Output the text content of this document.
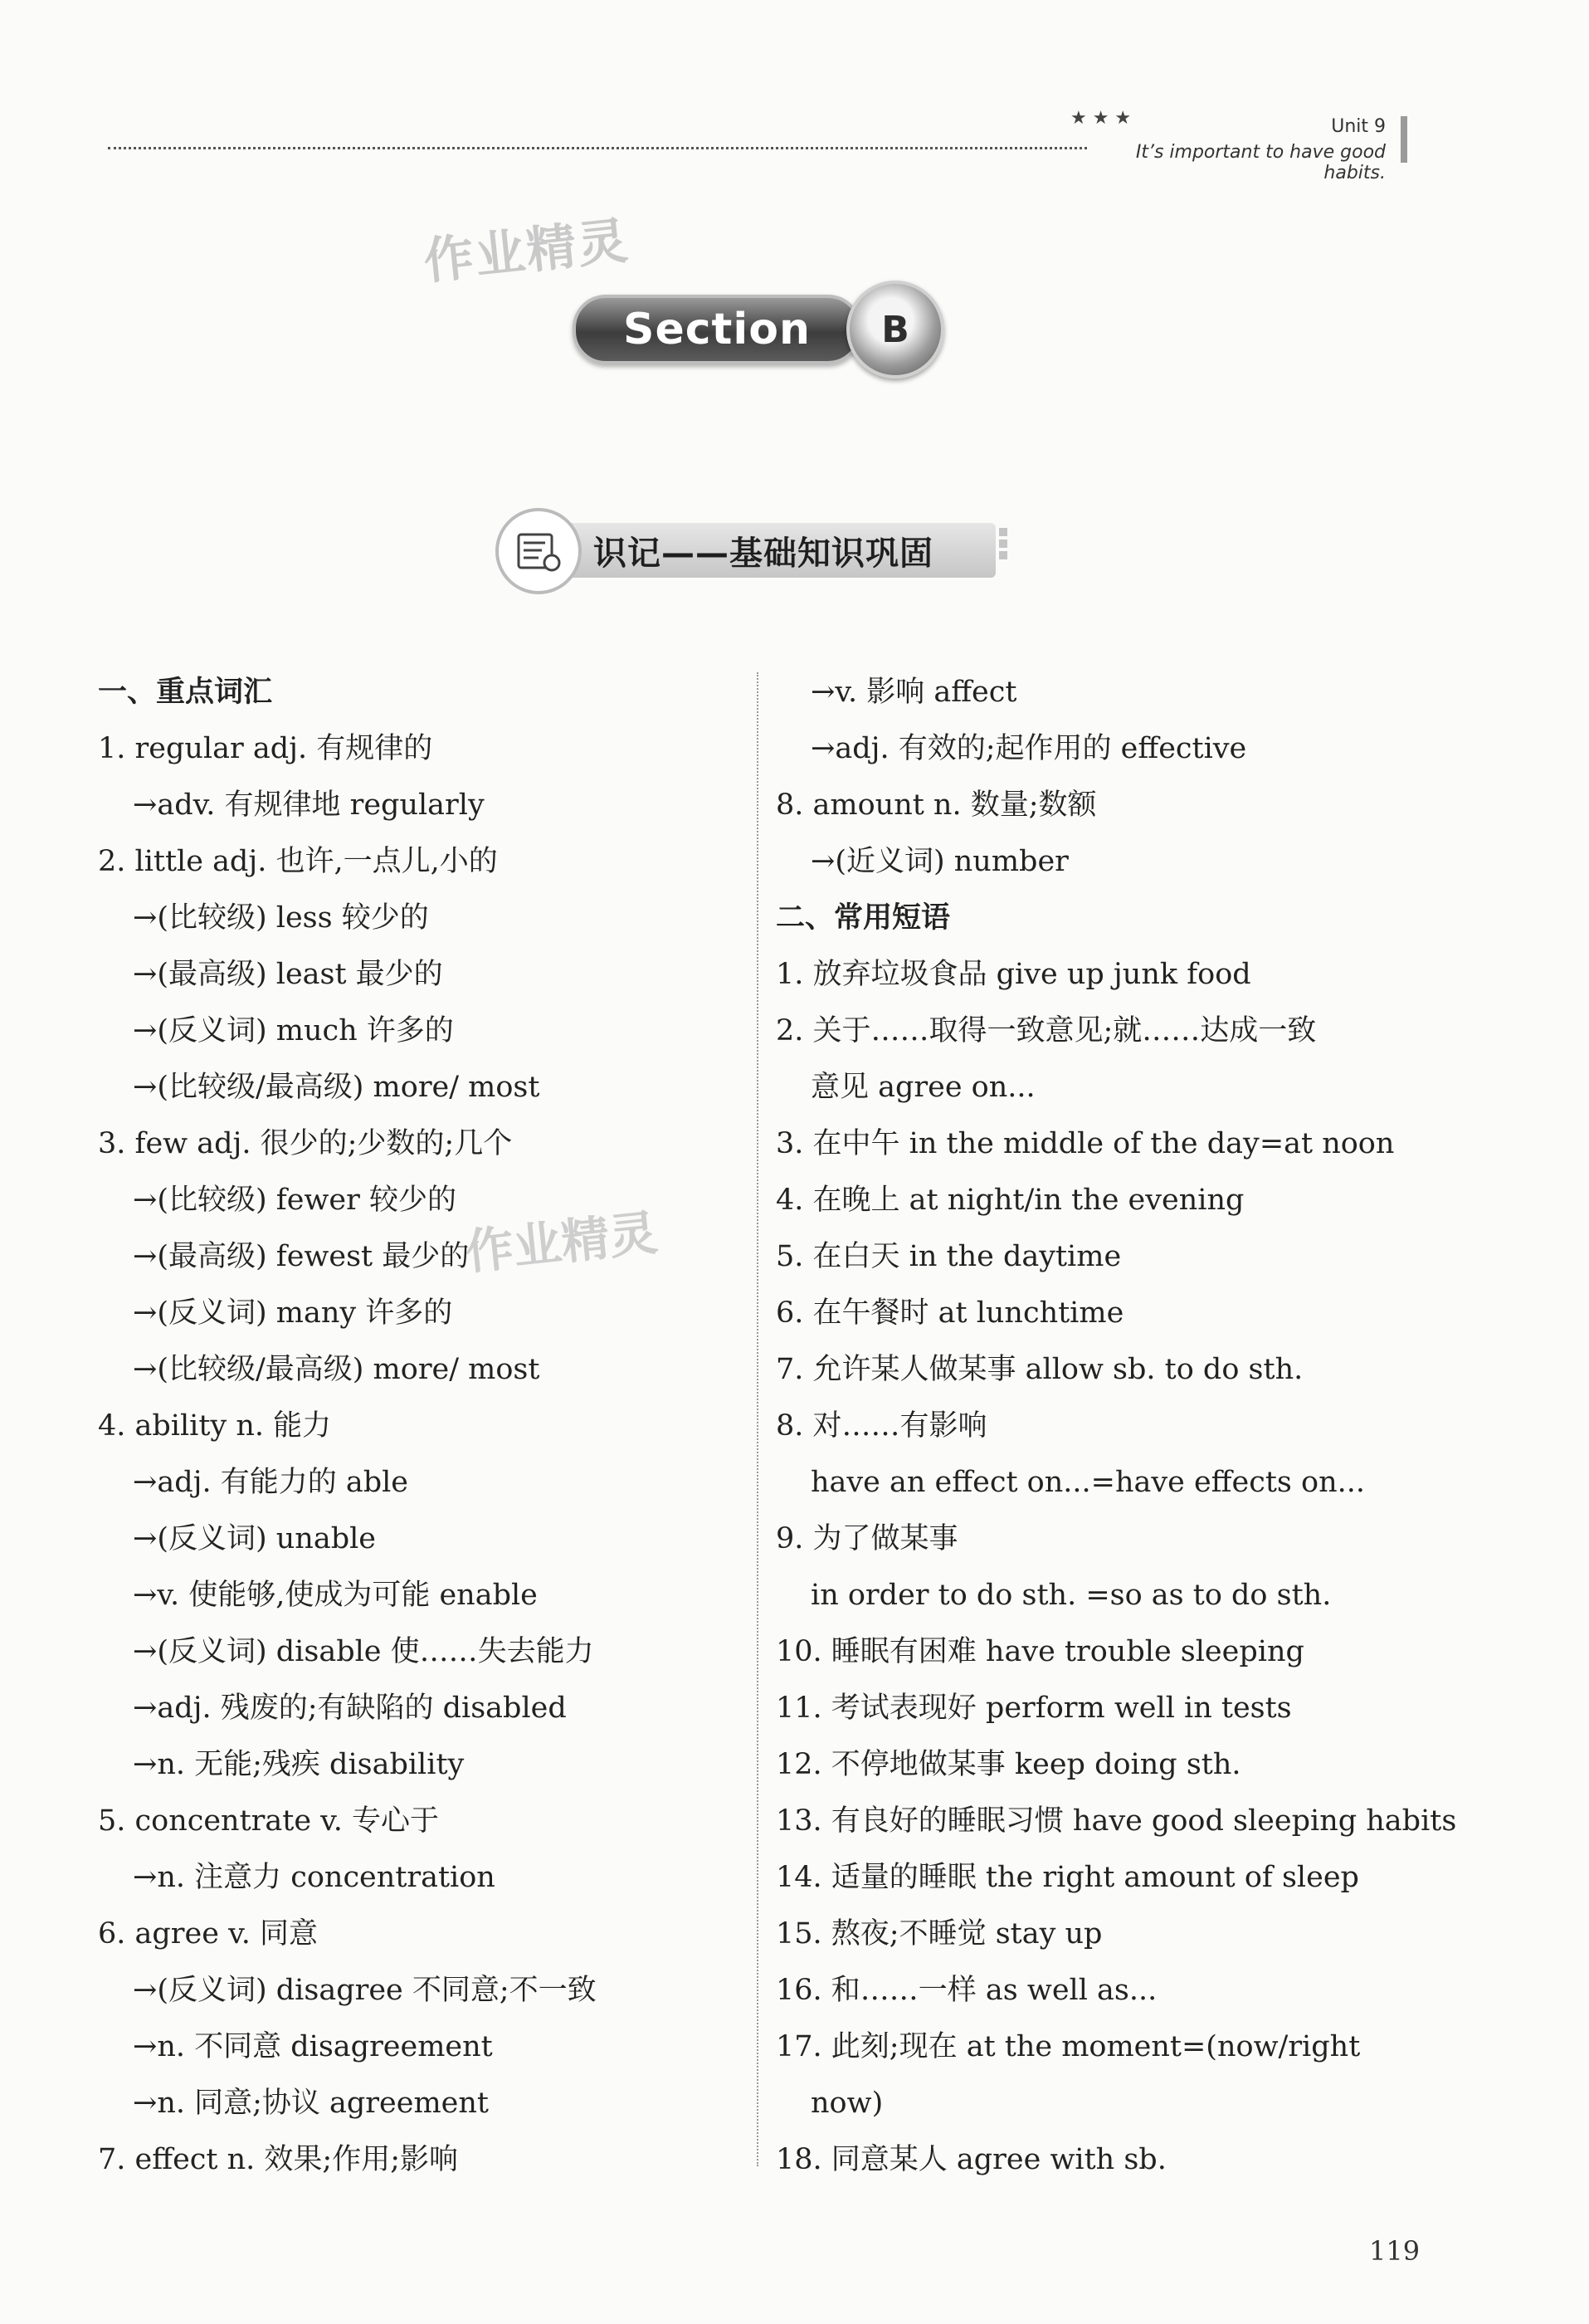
★ ★ ★	Unit 9
It’s important to have good habits.
作业精灵
Section B
识记——基础知识巩固
一、重点词汇
1. regular adj. 有规律的
→adv. 有规律地 regularly
2. little adj. 也许,一点儿,小的
→(比较级) less 较少的
→(最高级) least 最少的
→(反义词) much 许多的
→(比较级/最高级) more/ most
3. few adj. 很少的;少数的;几个
→(比较级) fewer 较少的
→(最高级) fewest 最少的
→(反义词) many 许多的
→(比较级/最高级) more/ most
4. ability n. 能力
→adj. 有能力的 able
→(反义词) unable
→v. 使能够,使成为可能 enable
→(反义词) disable 使……失去能力
→adj. 残废的;有缺陷的 disabled
→n. 无能;残疾 disability
5. concentrate v. 专心于
→n. 注意力 concentration
6. agree v. 同意
→(反义词) disagree 不同意;不一致
→n. 不同意 disagreement
→n. 同意;协议 agreement
7. effect n. 效果;作用;影响
→v. 影响 affect
→adj. 有效的;起作用的 effective
8. amount n. 数量;数额
→(近义词) number
二、常用短语
1. 放弃垃圾食品 give up junk food
2. 关于……取得一致意见;就……达成一致
意见 agree on...
3. 在中午 in the middle of the day=at noon
4. 在晚上 at night/in the evening
5. 在白天 in the daytime
6. 在午餐时 at lunchtime
7. 允许某人做某事 allow sb. to do sth.
8. 对……有影响
have an effect on...=have effects on...
9. 为了做某事
in order to do sth. =so as to do sth.
10. 睡眠有困难 have trouble sleeping
11. 考试表现好 perform well in tests
12. 不停地做某事 keep doing sth.
13. 有良好的睡眠习惯 have good sleeping habits
14. 适量的睡眠 the right amount of sleep
15. 熬夜;不睡觉 stay up
16. 和……一样 as well as...
17. 此刻;现在 at the moment=(now/right
now)
18. 同意某人 agree with sb.
作业精灵
119
